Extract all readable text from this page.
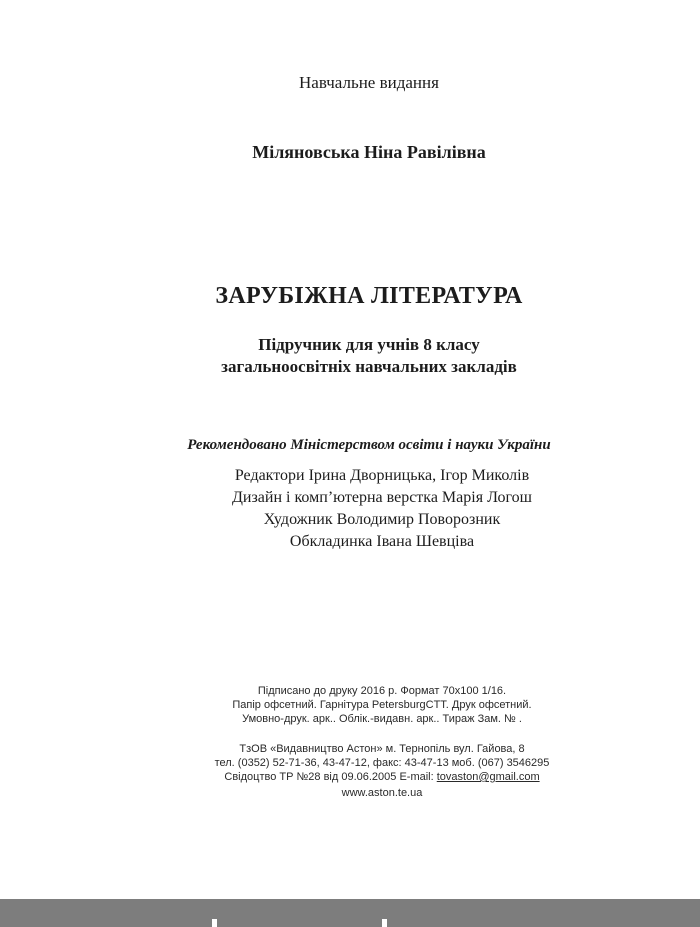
Навчальне видання
Міляновська Ніна Равілівна
ЗАРУБІЖНА ЛІТЕРАТУРА
Підручник для учнів 8 класу
загальноосвітніх навчальних закладів
Рекомендовано Міністерством освіти і науки України
Редактори Ірина Дворницька, Ігор Миколів
Дизайн і комп’ютерна верстка Марія Логош
Художник Володимир Поворозник
Обкладинка Івана Шевціва
Підписано до друку 2016 р. Формат 70x100 1/16.
Папір офсетний. Гарнітура PetersburgCTT. Друк офсетний.
Умовно-друк. арк.. Облік.-видавн. арк.. Тираж Зам. № .
ТзОВ «Видавництво Астон» м. Тернопіль вул. Гайова, 8
тел. (0352) 52-71-36, 43-47-12, факс: 43-47-13 моб. (067) 3546295
Свідоцтво ТР №28 від 09.06.2005 E-mail: tovaston@gmail.com
www.aston.te.ua
